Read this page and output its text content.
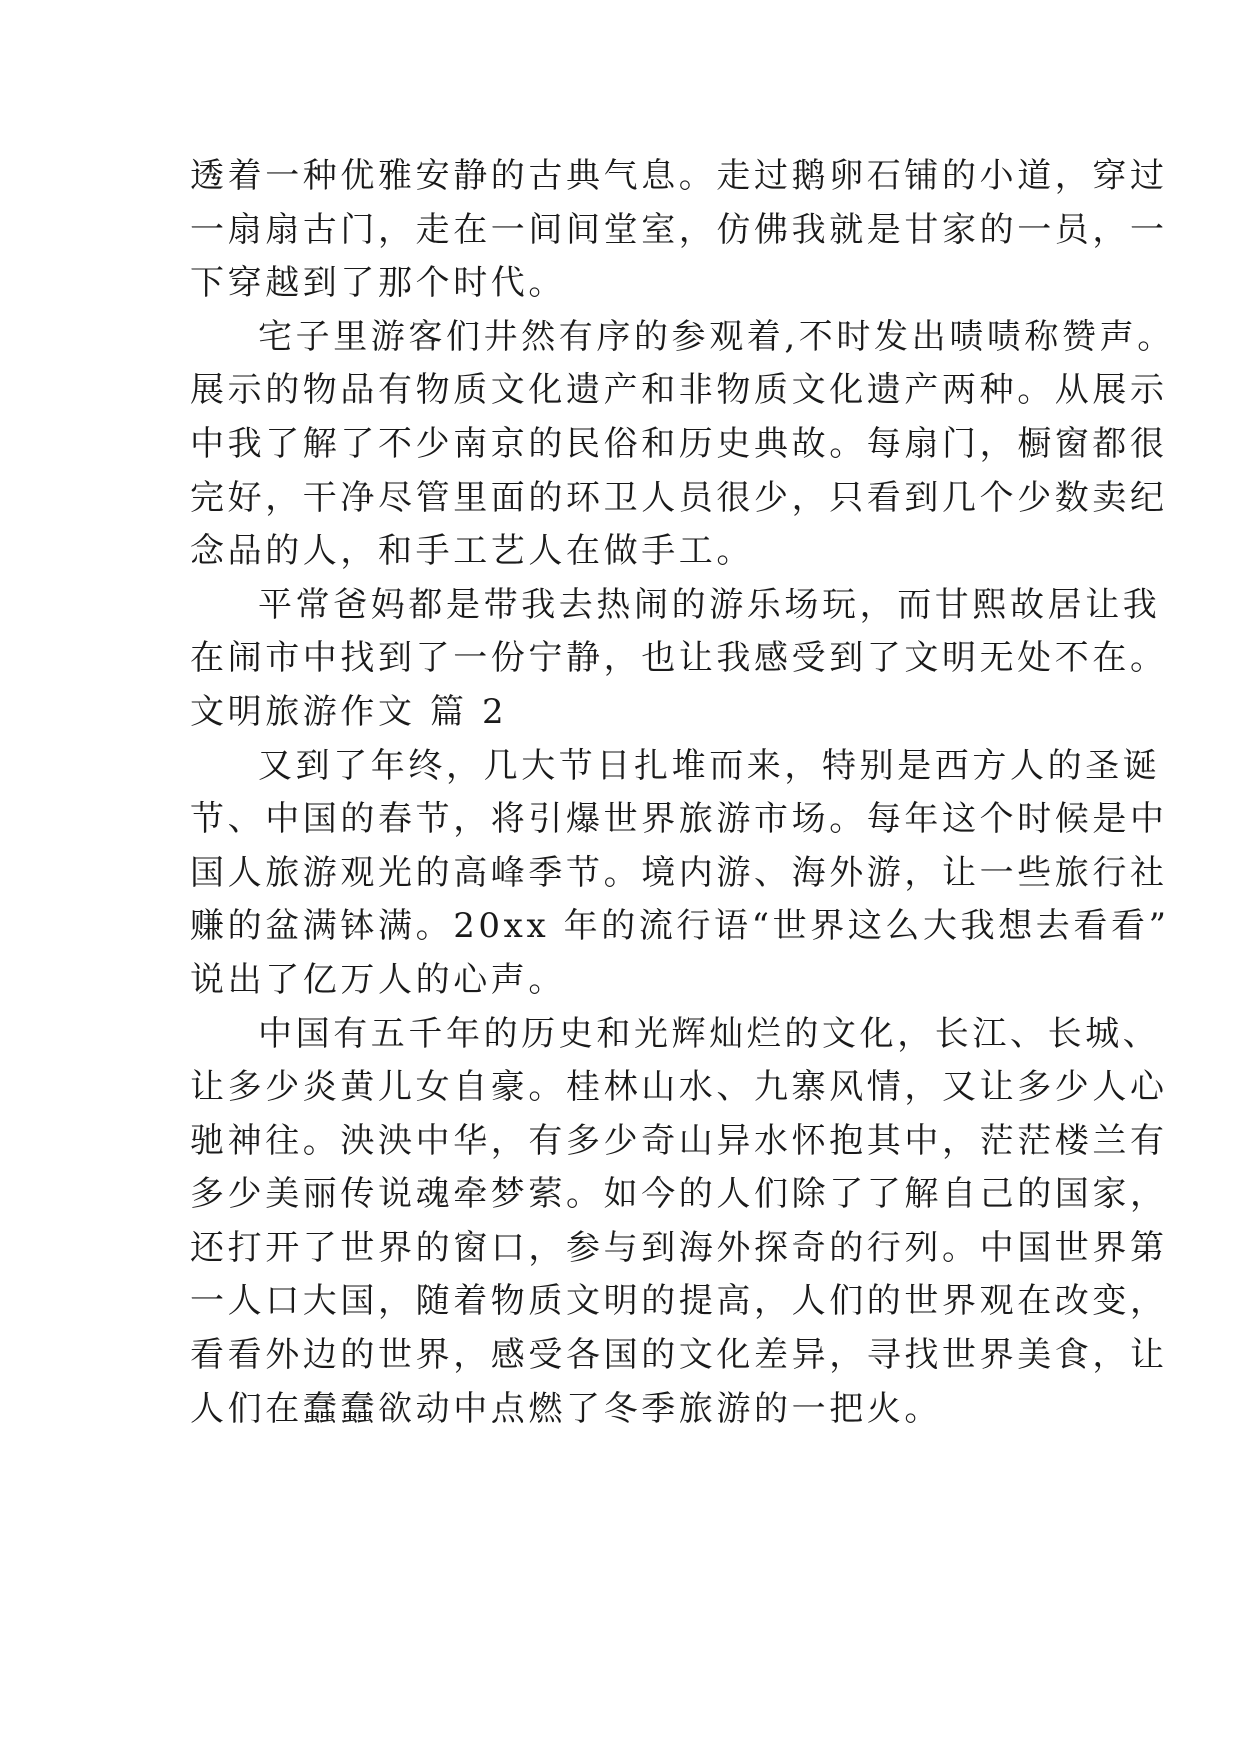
透着一种优雅安静的古典气息。走过鹅卵石铺的小道，穿过
一扇扇古门，走在一间间堂室，仿佛我就是甘家的一员，一
下穿越到了那个时代。
宅子里游客们井然有序的参观着,不时发出啧啧称赞声。
展示的物品有物质文化遗产和非物质文化遗产两种。从展示
中我了解了不少南京的民俗和历史典故。每扇门，橱窗都很
完好，干净尽管里面的环卫人员很少，只看到几个少数卖纪
念品的人，和手工艺人在做手工。
平常爸妈都是带我去热闹的游乐场玩，而甘熙故居让我
在闹市中找到了一份宁静，也让我感受到了文明无处不在。
文明旅游作文 篇 2
又到了年终，几大节日扎堆而来，特别是西方人的圣诞
节、中国的春节，将引爆世界旅游市场。每年这个时候是中
国人旅游观光的高峰季节。境内游、海外游，让一些旅行社
赚的盆满钵满。20xx 年的流行语“世界这么大我想去看看”
说出了亿万人的心声。
中国有五千年的历史和光辉灿烂的文化，长江、长城、
让多少炎黄儿女自豪。桂林山水、九寨风情，又让多少人心
驰神往。泱泱中华，有多少奇山异水怀抱其中，茫茫楼兰有
多少美丽传说魂牵梦萦。如今的人们除了了解自己的国家，
还打开了世界的窗口，参与到海外探奇的行列。中国世界第
一人口大国，随着物质文明的提高，人们的世界观在改变，
看看外边的世界，感受各国的文化差异，寻找世界美食，让
人们在蠢蠢欲动中点燃了冬季旅游的一把火。
